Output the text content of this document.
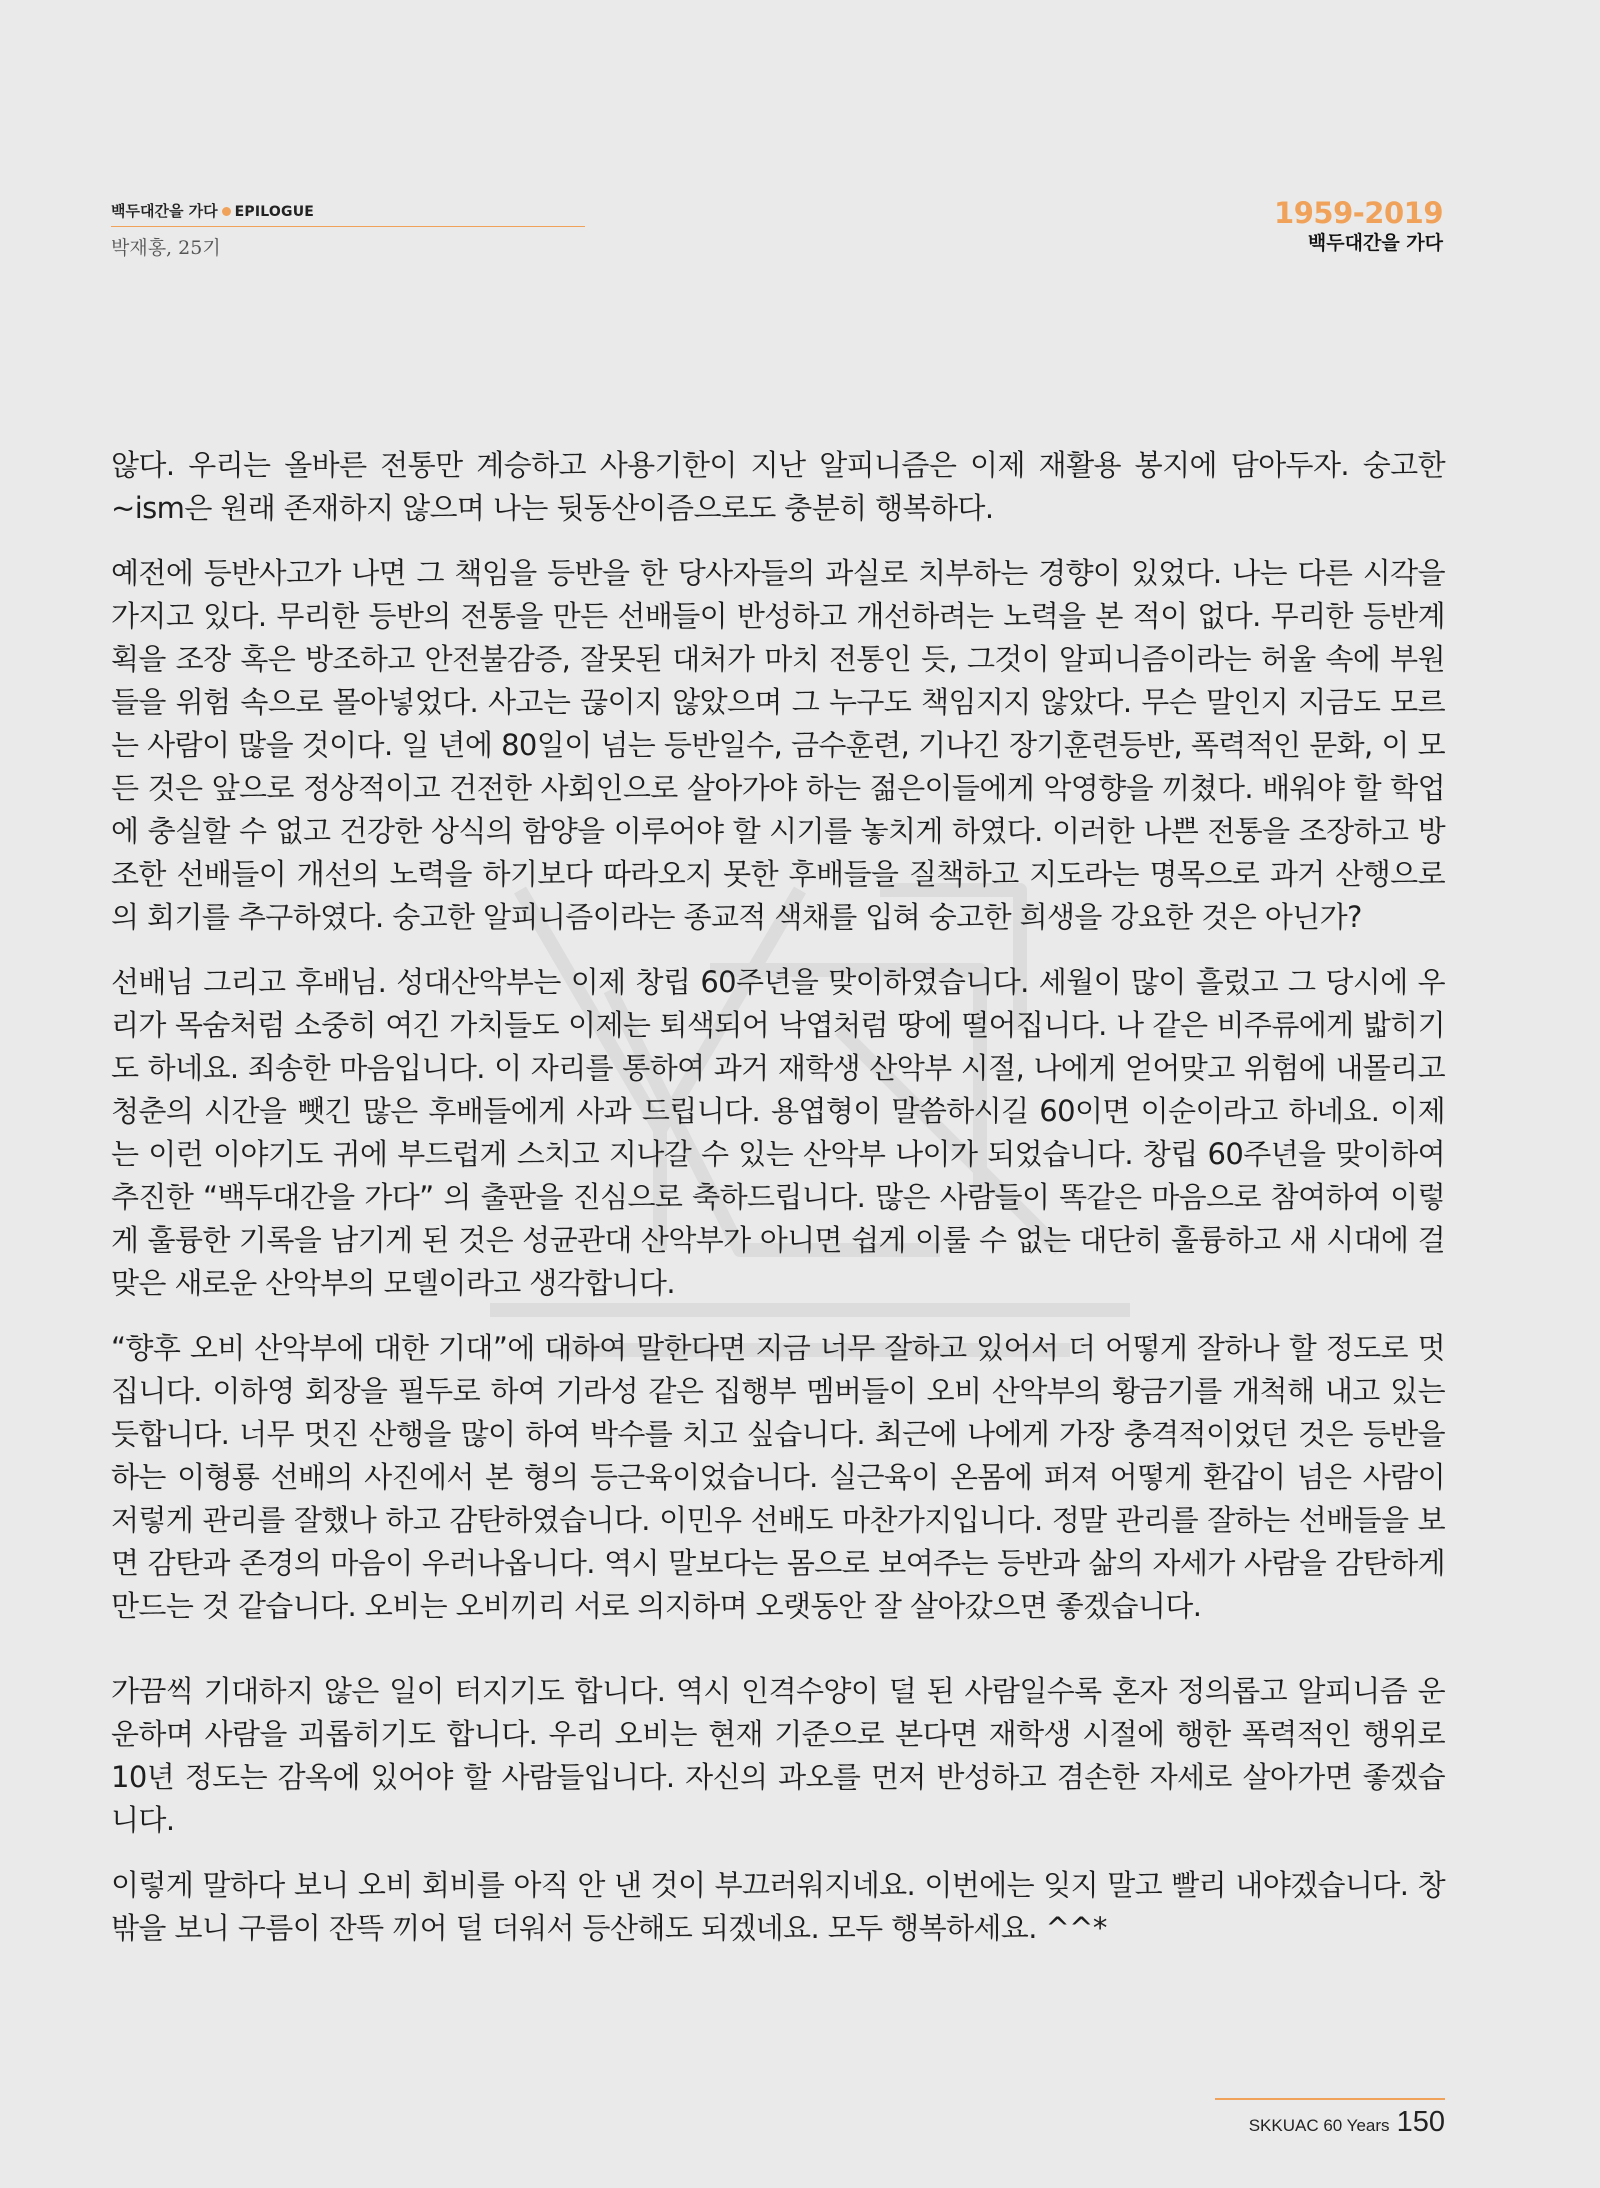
백두대간을 가다 EPILOGUE
박재홍, 25기
1959-2019
백두대간을 가다

않다. 우리는 올바른 전통만 계승하고 사용기한이 지난 알피니즘은 이제 재활용 봉지에 담아두자. 숭고한 ~ism은 원래 존재하지 않으며 나는 뒷동산이즘으로도 충분히 행복하다.

예전에 등반사고가 나면 그 책임을 등반을 한 당사자들의 과실로 치부하는 경향이 있었다. 나는 다른 시각을 가지고 있다. 무리한 등반의 전통을 만든 선배들이 반성하고 개선하려는 노력을 본 적이 없다. 무리한 등반계획을 조장 혹은 방조하고 안전불감증, 잘못된 대처가 마치 전통인 듯, 그것이 알피니즘이라는 허울 속에 부원들을 위험 속으로 몰아넣었다. 사고는 끊이지 않았으며 그 누구도 책임지지 않았다. 무슨 말인지 지금도 모르는 사람이 많을 것이다. 일 년에 80일이 넘는 등반일수, 금수훈련, 기나긴 장기훈련등반, 폭력적인 문화, 이 모든 것은 앞으로 정상적이고 건전한 사회인으로 살아가야 하는 젊은이들에게 악영향을 끼쳤다. 배워야 할 학업에 충실할 수 없고 건강한 상식의 함양을 이루어야 할 시기를 놓치게 하였다. 이러한 나쁜 전통을 조장하고 방조한 선배들이 개선의 노력을 하기보다 따라오지 못한 후배들을 질책하고 지도라는 명목으로 과거 산행으로의 회기를 추구하였다. 숭고한 알피니즘이라는 종교적 색채를 입혀 숭고한 희생을 강요한 것은 아닌가?

선배님 그리고 후배님. 성대산악부는 이제 창립 60주년을 맞이하였습니다. 세월이 많이 흘렀고 그 당시에 우리가 목숨처럼 소중히 여긴 가치들도 이제는 퇴색되어 낙엽처럼 땅에 떨어집니다. 나 같은 비주류에게 밟히기도 하네요. 죄송한 마음입니다. 이 자리를 통하여 과거 재학생 산악부 시절, 나에게 얻어맞고 위험에 내몰리고 청춘의 시간을 뺏긴 많은 후배들에게 사과 드립니다. 용엽형이 말씀하시길 60이면 이순이라고 하네요. 이제는 이런 이야기도 귀에 부드럽게 스치고 지나갈 수 있는 산악부 나이가 되었습니다. 창립 60주년을 맞이하여 추진한 “백두대간을 가다” 의 출판을 진심으로 축하드립니다. 많은 사람들이 똑같은 마음으로 참여하여 이렇게 훌륭한 기록을 남기게 된 것은 성균관대 산악부가 아니면 쉽게 이룰 수 없는 대단히 훌륭하고 새 시대에 걸맞은 새로운 산악부의 모델이라고 생각합니다.

“향후 오비 산악부에 대한 기대”에 대하여 말한다면 지금 너무 잘하고 있어서 더 어떻게 잘하나 할 정도로 멋집니다. 이하영 회장을 필두로 하여 기라성 같은 집행부 멤버들이 오비 산악부의 황금기를 개척해 내고 있는 듯합니다. 너무 멋진 산행을 많이 하여 박수를 치고 싶습니다. 최근에 나에게 가장 충격적이었던 것은 등반을 하는 이형룡 선배의 사진에서 본 형의 등근육이었습니다. 실근육이 온몸에 퍼져 어떻게 환갑이 넘은 사람이 저렇게 관리를 잘했나 하고 감탄하였습니다. 이민우 선배도 마찬가지입니다. 정말 관리를 잘하는 선배들을 보면 감탄과 존경의 마음이 우러나옵니다. 역시 말보다는 몸으로 보여주는 등반과 삶의 자세가 사람을 감탄하게 만드는 것 같습니다. 오비는 오비끼리 서로 의지하며 오랫동안 잘 살아갔으면 좋겠습니다.

가끔씩 기대하지 않은 일이 터지기도 합니다. 역시 인격수양이 덜 된 사람일수록 혼자 정의롭고 알피니즘 운운하며 사람을 괴롭히기도 합니다. 우리 오비는 현재 기준으로 본다면 재학생 시절에 행한 폭력적인 행위로 10년 정도는 감옥에 있어야 할 사람들입니다. 자신의 과오를 먼저 반성하고 겸손한 자세로 살아가면 좋겠습니다.

이렇게 말하다 보니 오비 회비를 아직 안 낸 것이 부끄러워지네요. 이번에는 잊지 말고 빨리 내야겠습니다. 창밖을 보니 구름이 잔뜩 끼어 덜 더워서 등산해도 되겠네요. 모두 행복하세요. ^^*

SKKUAC 60 Years 150
